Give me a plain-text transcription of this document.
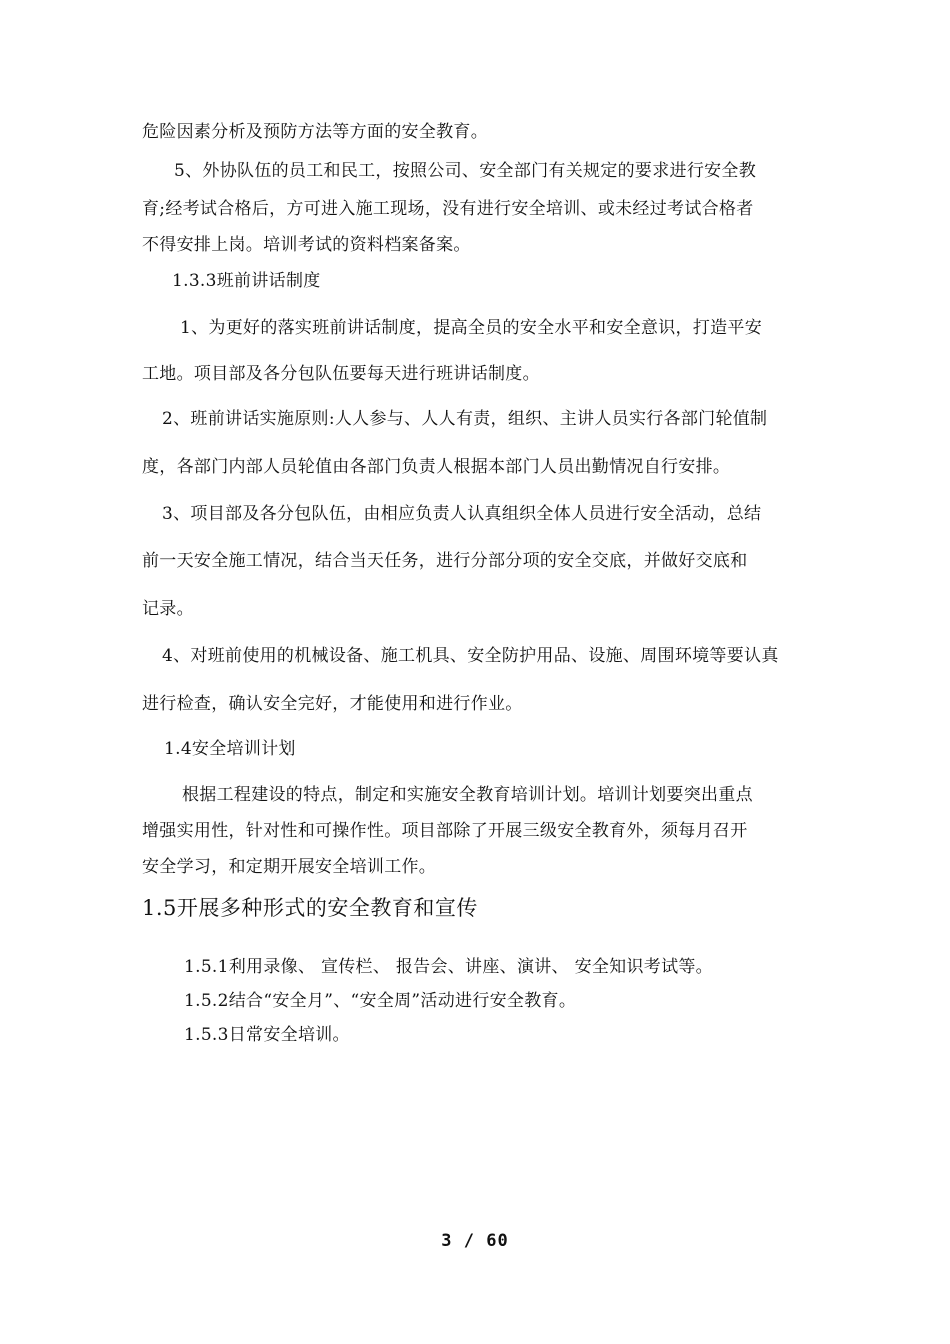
危险因素分析及预防方法等方面的安全教育。
5、外协队伍的员工和民工，按照公司、安全部门有关规定的要求进行安全教
育;经考试合格后，方可进入施工现场，没有进行安全培训、或未经过考试合格者
不得安排上岗。培训考试的资料档案备案。
1.3.3班前讲话制度
1、为更好的落实班前讲话制度，提高全员的安全水平和安全意识，打造平安
工地。项目部及各分包队伍要每天进行班讲话制度。
2、班前讲话实施原则:人人参与、人人有责，组织、主讲人员实行各部门轮值制
度，各部门内部人员轮值由各部门负责人根据本部门人员出勤情况自行安排。
3、项目部及各分包队伍，由相应负责人认真组织全体人员进行安全活动，总结
前一天安全施工情况，结合当天任务，进行分部分项的安全交底，并做好交底和
记录。
4、对班前使用的机械设备、施工机具、安全防护用品、设施、周围环境等要认真
进行检查，确认安全完好，才能使用和进行作业。
1.4安全培训计划
根据工程建设的特点，制定和实施安全教育培训计划。培训计划要突出重点
增强实用性，针对性和可操作性。项目部除了开展三级安全教育外，须每月召开
安全学习，和定期开展安全培训工作。
1.5开展多种形式的安全教育和宣传
1.5.1利用录像、 宣传栏、 报告会、讲座、演讲、 安全知识考试等。
1.5.2结合“安全月”、“安全周”活动进行安全教育。
1.5.3日常安全培训。
3 / 60
